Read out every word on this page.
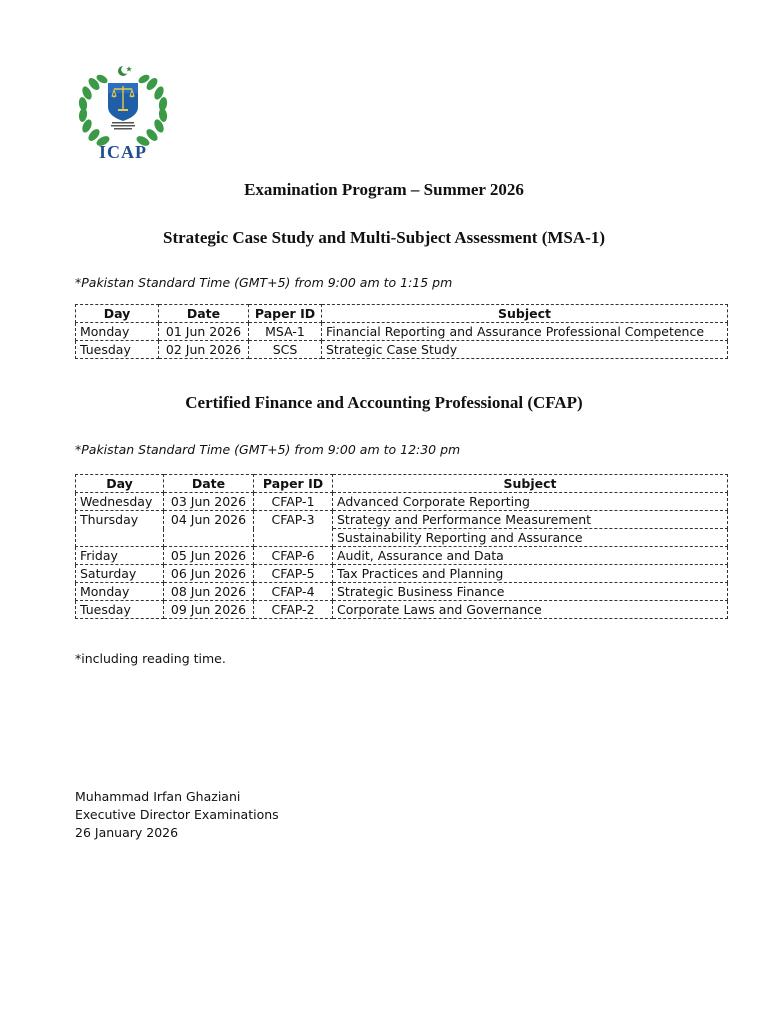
ICAP
Examination Program – Summer 2026
Strategic Case Study and Multi-Subject Assessment (MSA-1)

*Pakistan Standard Time (GMT+5) from 9:00 am to 1:15 pm

Day	Date	Paper ID	Subject
Monday	01 Jun 2026	MSA-1	Financial Reporting and Assurance Professional Competence
Tuesday	02 Jun 2026	SCS	Strategic Case Study
Certified Finance and Accounting Professional (CFAP)

*Pakistan Standard Time (GMT+5) from 9:00 am to 12:30 pm

Day	Date	Paper ID	Subject
Wednesday	03 Jun 2026	CFAP-1	Advanced Corporate Reporting
Thursday	04 Jun 2026	CFAP-3	Strategy and Performance Measurement
			Sustainability Reporting and Assurance
Friday	05 Jun 2026	CFAP-6	Audit, Assurance and Data
Saturday	06 Jun 2026	CFAP-5	Tax Practices and Planning
Monday	08 Jun 2026	CFAP-4	Strategic Business Finance
Tuesday	09 Jun 2026	CFAP-2	Corporate Laws and Governance

*including reading time.

Muhammad Irfan Ghaziani

Executive Director Examinations

26 January 2026
